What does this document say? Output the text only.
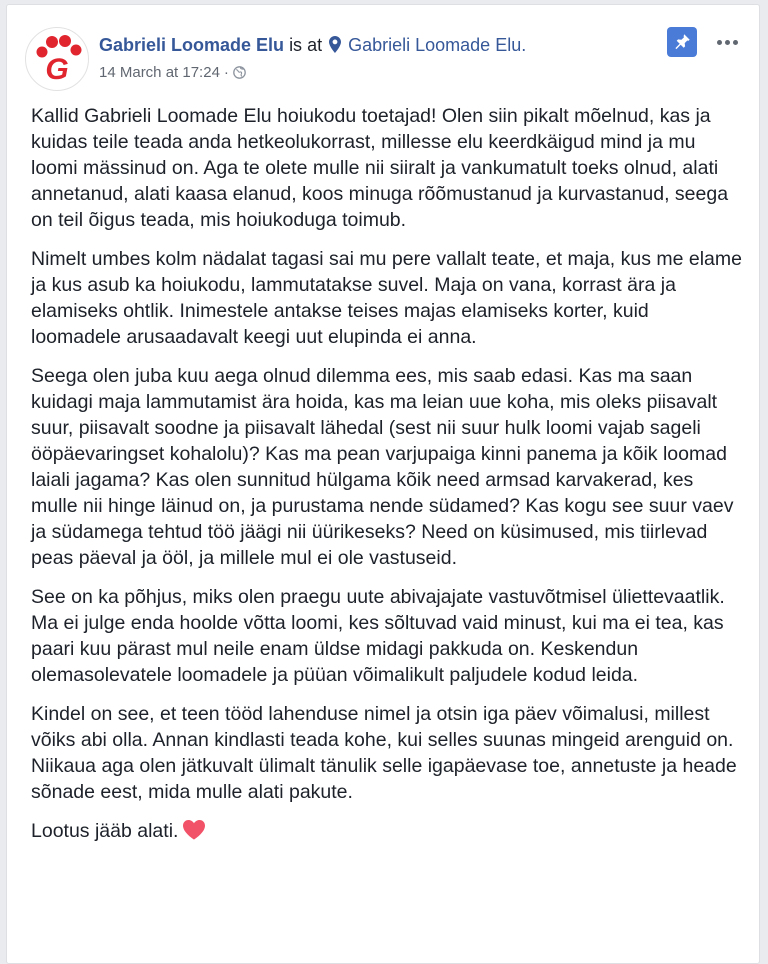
G
Gabrieli Loomade Elu is at Gabrieli Loomade Elu.
14 March at 17:24 ·

Kallid Gabrieli Loomade Elu hoiukodu toetajad! Olen siin pikalt mõelnud, kas ja kuidas teile teada anda hetkeolukorrast, millesse elu keerdkäigud mind ja mu loomi mässinud on. Aga te olete mulle nii siiralt ja vankumatult toeks olnud, alati annetanud, alati kaasa elanud, koos minuga rõõmustanud ja kurvastanud, seega on teil õigus teada, mis hoiukoduga toimub.

Nimelt umbes kolm nädalat tagasi sai mu pere vallalt teate, et maja, kus me elame ja kus asub ka hoiukodu, lammutatakse suvel. Maja on vana, korrast ära ja elamiseks ohtlik. Inimestele antakse teises majas elamiseks korter, kuid loomadele arusaadavalt keegi uut elupinda ei anna.

Seega olen juba kuu aega olnud dilemma ees, mis saab edasi. Kas ma saan kuidagi maja lammutamist ära hoida, kas ma leian uue koha, mis oleks piisavalt suur, piisavalt soodne ja piisavalt lähedal (sest nii suur hulk loomi vajab sageli ööpäevaringset kohalolu)? Kas ma pean varjupaiga kinni panema ja kõik loomad laiali jagama? Kas olen sunnitud hülgama kõik need armsad karvakerad, kes mulle nii hinge läinud on, ja purustama nende südamed? Kas kogu see suur vaev ja südamega tehtud töö jäägi nii üürikeseks? Need on küsimused, mis tiirlevad peas päeval ja ööl, ja millele mul ei ole vastuseid.

See on ka põhjus, miks olen praegu uute abivajajate vastuvõtmisel üliettevaatlik. Ma ei julge enda hoolde võtta loomi, kes sõltuvad vaid minust, kui ma ei tea, kas paari kuu pärast mul neile enam üldse midagi pakkuda on. Keskendun olemasolevatele loomadele ja püüan võimalikult paljudele kodud leida.

Kindel on see, et teen tööd lahenduse nimel ja otsin iga päev võimalusi, millest võiks abi olla. Annan kindlasti teada kohe, kui selles suunas mingeid arenguid on. Niikaua aga olen jätkuvalt ülimalt tänulik selle igapäevase toe, annetuste ja heade sõnade eest, mida mulle alati pakute.

Lootus jääb alati.
